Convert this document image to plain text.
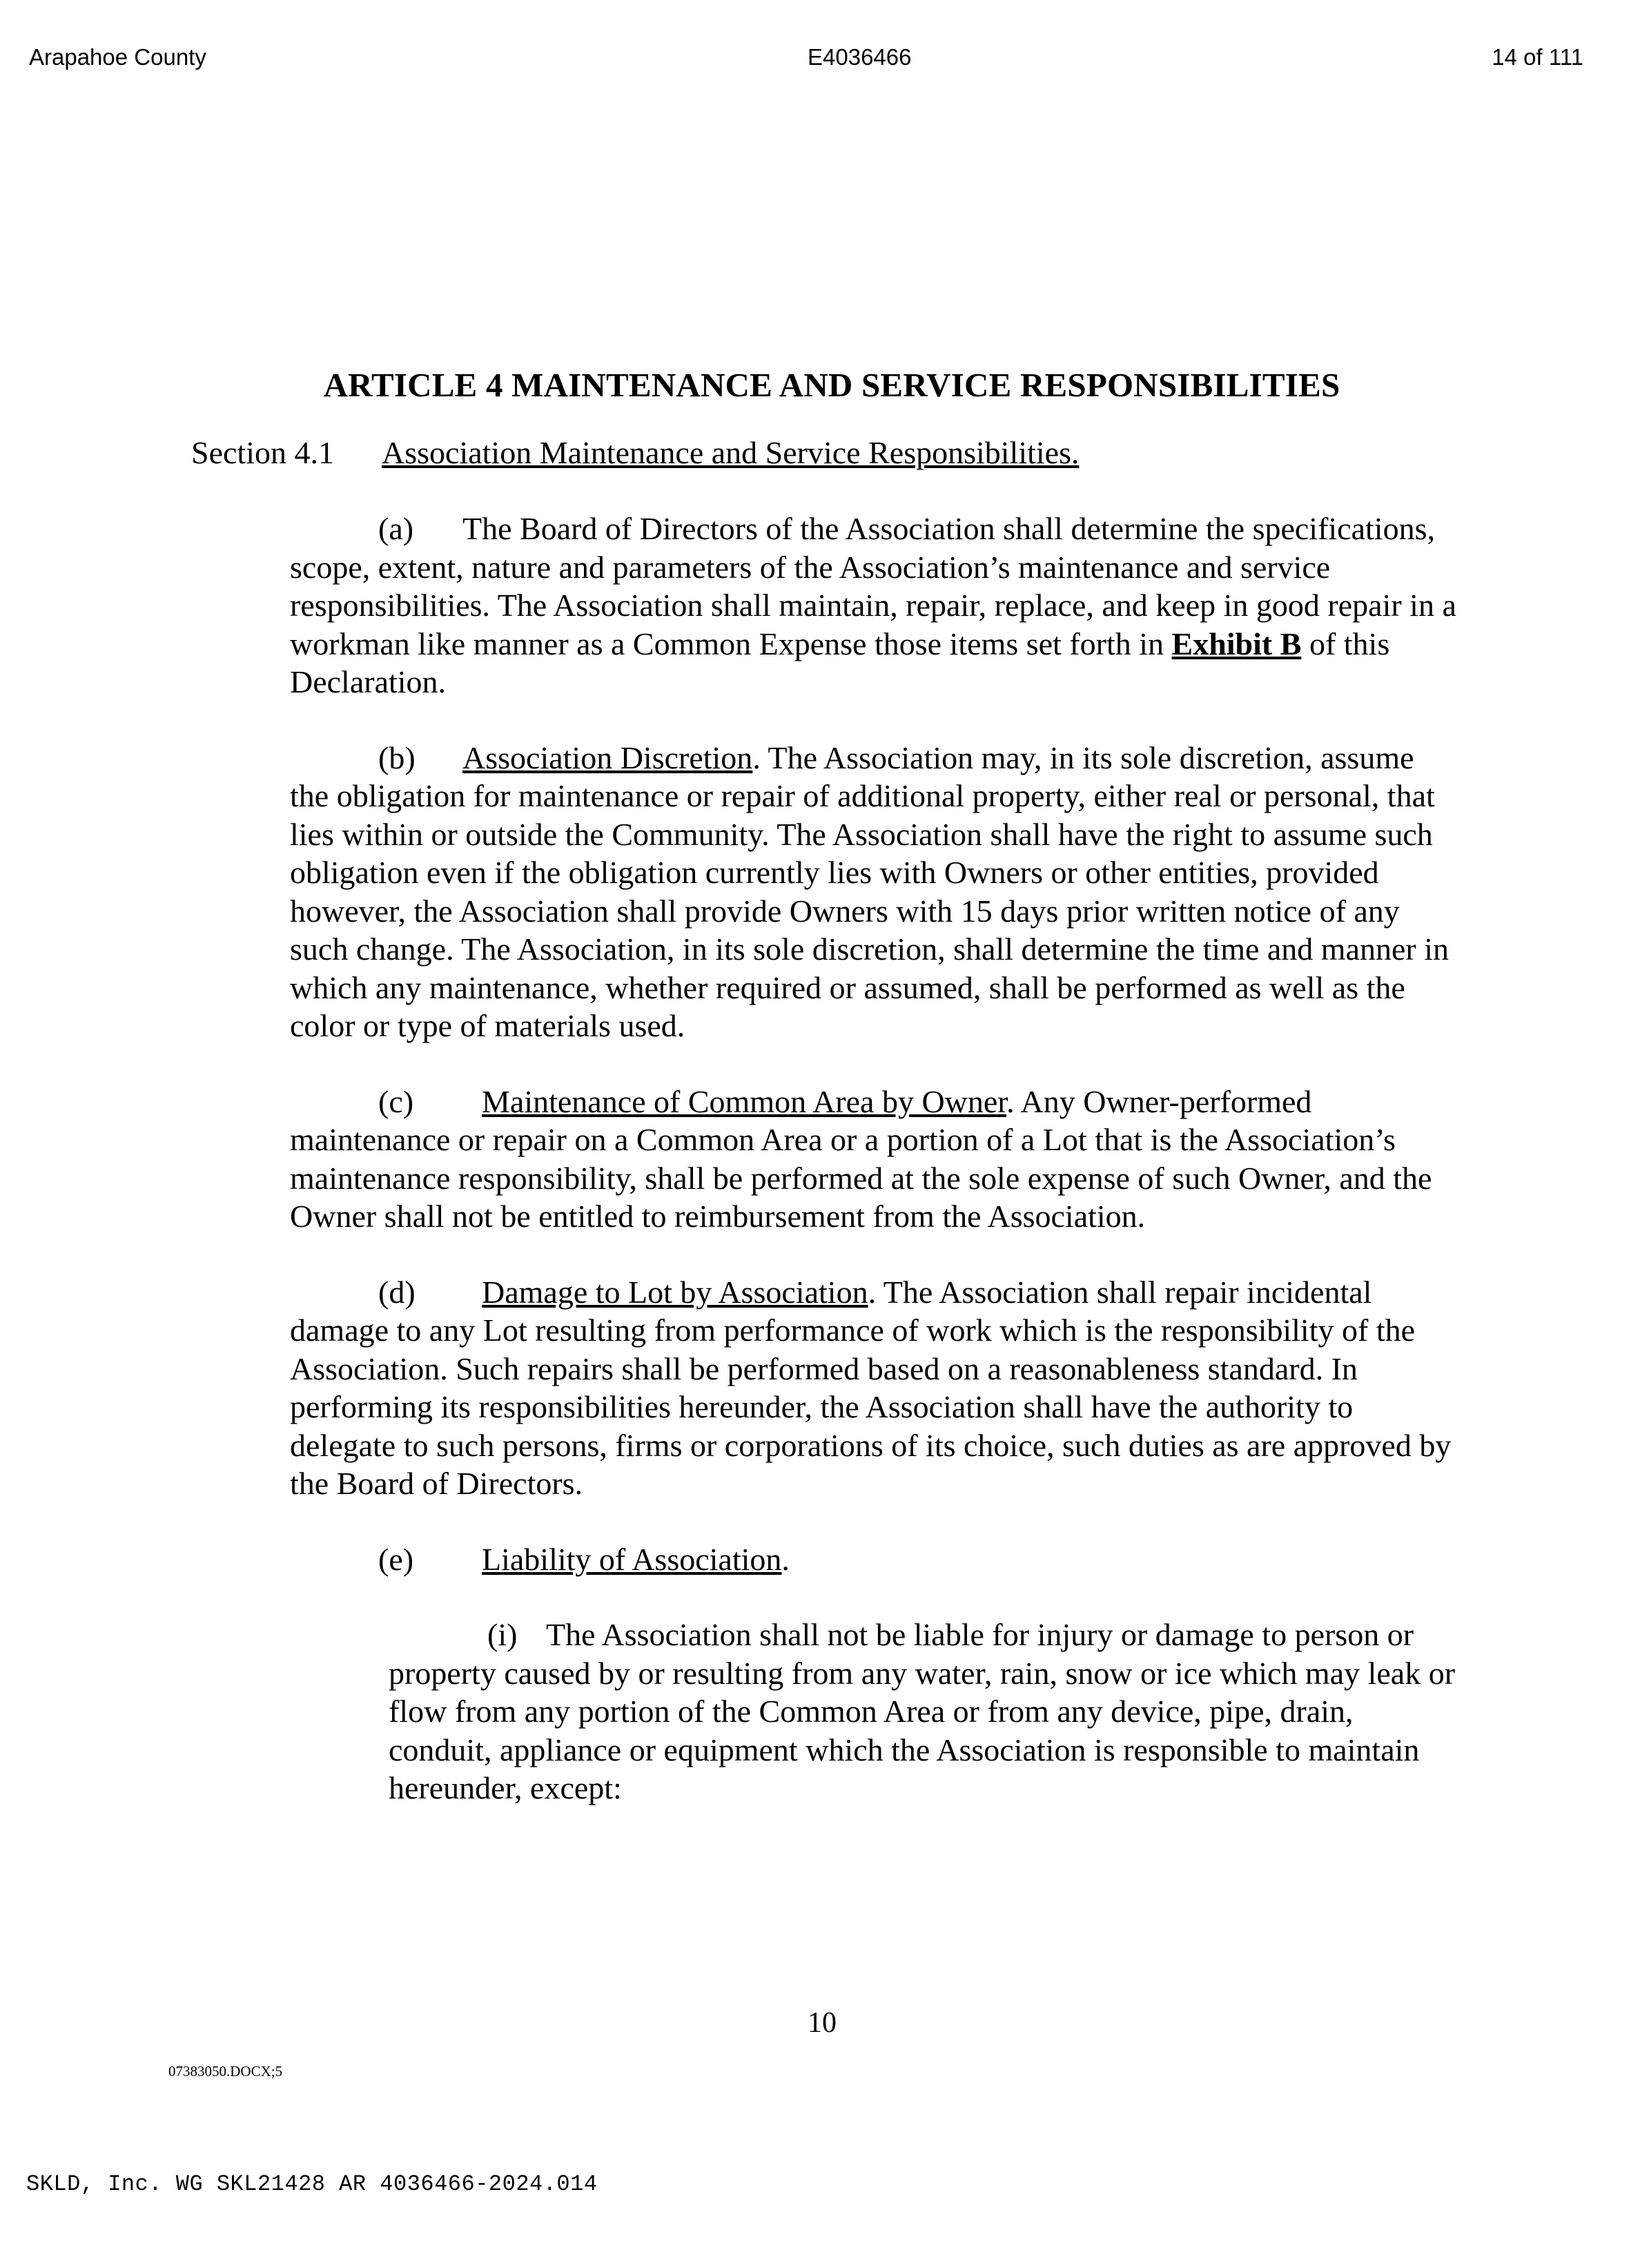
Arapahoe County	E4036466	14 of 111
ARTICLE 4 MAINTENANCE AND SERVICE RESPONSIBILITIES
Section 4.1 Association Maintenance and Service Responsibilities.

(a) The Board of Directors of the Association shall determine the specifications, scope, extent, nature and parameters of the Association’s maintenance and service responsibilities. The Association shall maintain, repair, replace, and keep in good repair in a workman like manner as a Common Expense those items set forth in Exhibit B of this Declaration.

(b) Association Discretion. The Association may, in its sole discretion, assume the obligation for maintenance or repair of additional property, either real or personal, that lies within or outside the Community. The Association shall have the right to assume such obligation even if the obligation currently lies with Owners or other entities, provided however, the Association shall provide Owners with 15 days prior written notice of any such change. The Association, in its sole discretion, shall determine the time and manner in which any maintenance, whether required or assumed, shall be performed as well as the color or type of materials used.

(c) Maintenance of Common Area by Owner. Any Owner-performed maintenance or repair on a Common Area or a portion of a Lot that is the Association’s maintenance responsibility, shall be performed at the sole expense of such Owner, and the Owner shall not be entitled to reimbursement from the Association.

(d) Damage to Lot by Association. The Association shall repair incidental damage to any Lot resulting from performance of work which is the responsibility of the Association. Such repairs shall be performed based on a reasonableness standard. In performing its responsibilities hereunder, the Association shall have the authority to delegate to such persons, firms or corporations of its choice, such duties as are approved by the Board of Directors.

(e) Liability of Association.

(i) The Association shall not be liable for injury or damage to person or property caused by or resulting from any water, rain, snow or ice which may leak or flow from any portion of the Common Area or from any device, pipe, drain, conduit, appliance or equipment which the Association is responsible to maintain hereunder, except:

10
07383050.DOCX;5
SKLD, Inc. WG SKL21428 AR 4036466-2024.014
